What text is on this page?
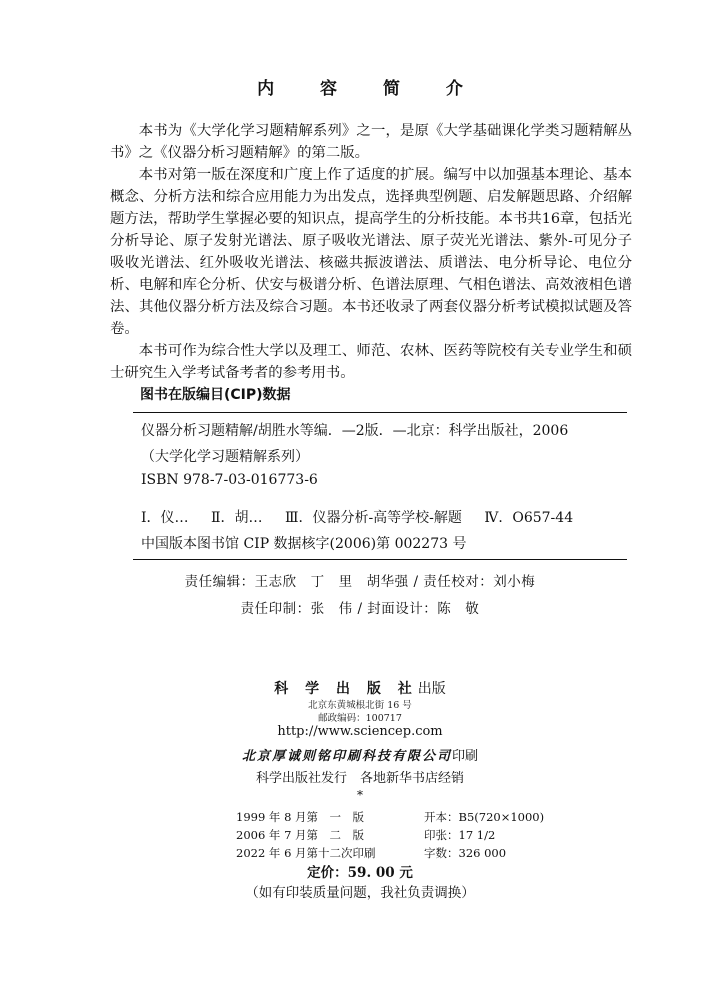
内 容 简 介

本书为《大学化学习题精解系列》之一，是原《大学基础课化学类习题精解丛书》之《仪器分析习题精解》的第二版。

本书对第一版在深度和广度上作了适度的扩展。编写中以加强基本理论、基本概念、分析方法和综合应用能力为出发点，选择典型例题、启发解题思路、介绍解题方法，帮助学生掌握必要的知识点，提高学生的分析技能。本书共16章，包括光分析导论、原子发射光谱法、原子吸收光谱法、原子荧光光谱法、紫外-可见分子吸收光谱法、红外吸收光谱法、核磁共振波谱法、质谱法、电分析导论、电位分析、电解和库仑分析、伏安与极谱分析、色谱法原理、气相色谱法、高效液相色谱法、其他仪器分析方法及综合习题。本书还收录了两套仪器分析考试模拟试题及答卷。

本书可作为综合性大学以及理工、师范、农林、医药等院校有关专业学生和硕士研究生入学考试备考者的参考用书。

图书在版编目(CIP)数据
仪器分析习题精解/胡胜水等编．—2版．—北京：科学出版社，2006
（大学化学习题精解系列）
ISBN 978-7-03-016773-6
Ⅰ．仪… Ⅱ．胡… Ⅲ．仪器分析-高等学校-解题 Ⅳ．O657-44
中国版本图书馆 CIP 数据核字(2006)第 002273 号
责任编辑：王志欣　丁　里　胡华强 / 责任校对：刘小梅
责任印制：张　伟 / 封面设计：陈　敬
科 学 出 版 社出版
北京东黄城根北街 16 号
邮政编码：100717
http://www.sciencep.com
北京厚诚则铭印刷科技有限公司印刷
科学出版社发行　各地新华书店经销
*
1999 年 8 月第　一　版	开本：B5(720×1000)
2006 年 7 月第　二　版	印张：17 1/2
2022 年 6 月第十二次印刷	字数：326 000
定价：59. 00 元
（如有印装质量问题，我社负责调换）
